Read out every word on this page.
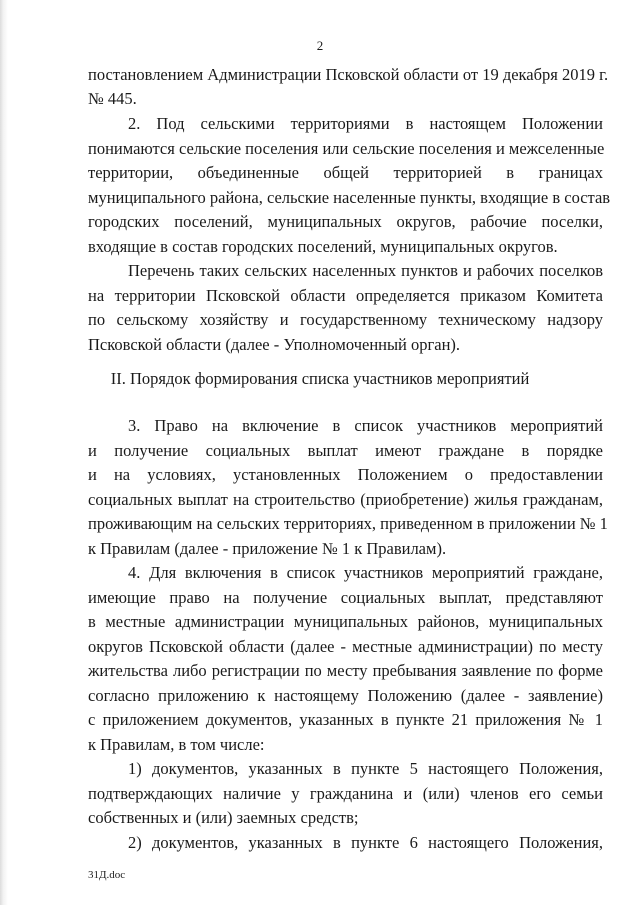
2
постановлением Администрации Псковской области от 19 декабря 2019 г.
№ 445.
2. Под сельскими территориями в настоящем Положении
понимаются сельские поселения или сельские поселения и межселенные
территории, объединенные общей территорией в границах
муниципального района, сельские населенные пункты, входящие в состав
городских поселений, муниципальных округов, рабочие поселки,
входящие в состав городских поселений, муниципальных округов.
Перечень таких сельских населенных пунктов и рабочих поселков
на территории Псковской области определяется приказом Комитета
по сельскому хозяйству и государственному техническому надзору
Псковской области (далее - Уполномоченный орган).
II. Порядок формирования списка участников мероприятий
3. Право на включение в список участников мероприятий
и получение социальных выплат имеют граждане в порядке
и на условиях, установленных Положением о предоставлении
социальных выплат на строительство (приобретение) жилья гражданам,
проживающим на сельских территориях, приведенном в приложении № 1
к Правилам (далее - приложение № 1 к Правилам).
4. Для включения в список участников мероприятий граждане,
имеющие право на получение социальных выплат, представляют
в местные администрации муниципальных районов, муниципальных
округов Псковской области (далее - местные администрации) по месту
жительства либо регистрации по месту пребывания заявление по форме
согласно приложению к настоящему Положению (далее - заявление)
с приложением документов, указанных в пункте 21 приложения № 1
к Правилам, в том числе:
1) документов, указанных в пункте 5 настоящего Положения,
подтверждающих наличие у гражданина и (или) членов его семьи
собственных и (или) заемных средств;
2) документов, указанных в пункте 6 настоящего Положения,
31Д.doc
